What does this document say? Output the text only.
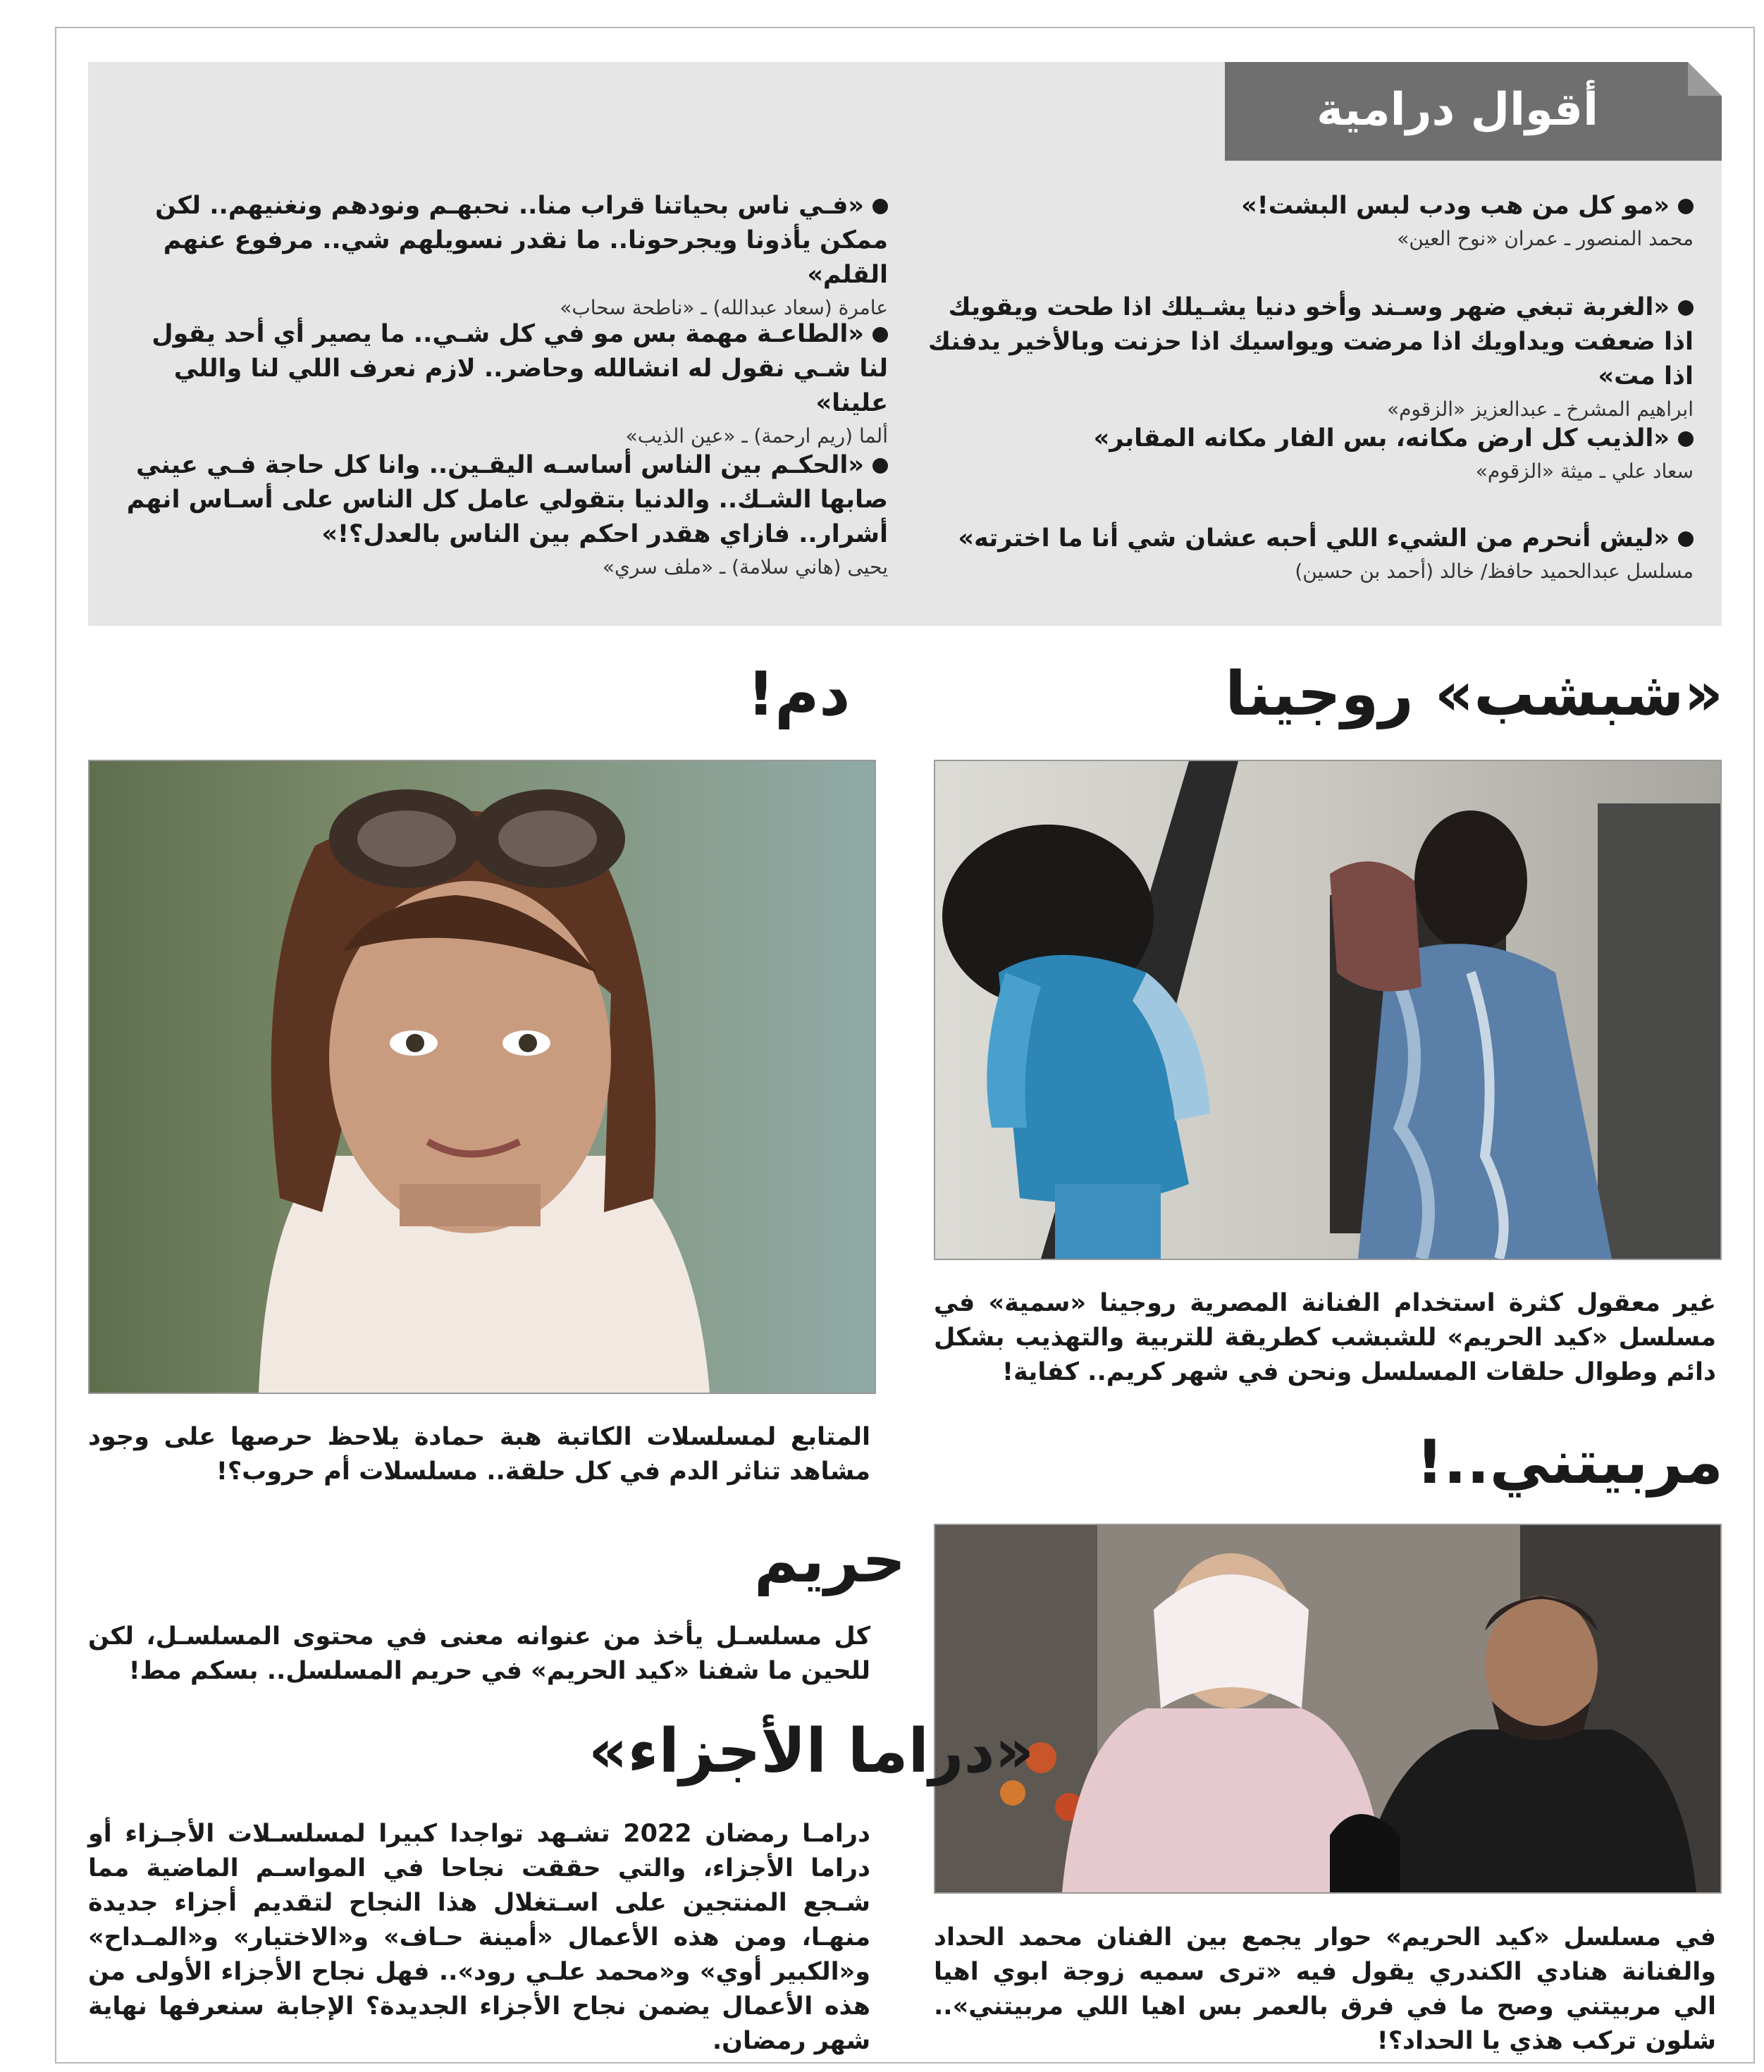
أقوال درامية
«مو كل من هب ودب لبس البشت!»
محمد المنصور ـ عمران «نوح العين»
«الغربة تبغي ضهر وسـند وأخو دنيا يشـيلك اذا طحت ويقويك اذا ضعفت ويداويك اذا مرضت ويواسيك اذا حزنت وبالأخير يدفنك اذا مت»
ابراهيم المشرخ ـ عبدالعزيز «الزقوم»
«الذيب كل ارض مكانه، بس الفار مكانه المقابر»
سعاد علي ـ ميثة «الزقوم»
«ليش أنحرم من الشيء اللي أحبه عشان شي أنا ما اخترته»
مسلسل عبدالحميد حافظ/ خالد (أحمد بن حسين)
«فـي ناس بحياتنا قراب منا.. نحبهـم ونودهم ونغنيهم.. لكن ممكن يأذونا ويجرحونا.. ما نقدر نسويلهم شي.. مرفوع عنهم القلم»
عامرة (سعاد عبدالله) ـ «ناطحة سحاب»
«الطاعـة مهمة بس مو في كل شـي.. ما يصير أي أحد يقول لنا شـي نقول له انشالله وحاضر.. لازم نعرف اللي لنا واللي علينا»
ألما (ريم ارحمة) ـ «عين الذيب»
«الحكـم بين الناس أساسـه اليقـين.. وانا كل حاجة فـي عيني صابها الشـك.. والدنيا بتقولي عامل كل الناس على أسـاس انهم أشرار.. فازاي هقدر احكم بين الناس بالعدل؟!»
يحيى (هاني سلامة) ـ «ملف سري»
«شبشب» روجينا
غير معقول كثرة استخدام الفنانة المصرية روجينا «سمية» في مسلسل «كيد الحريم» للشبشب كطريقة للتربية والتهذيب بشكل دائم وطوال حلقات المسلسل ونحن في شهر كريم.. كفاية!
دم!
المتابع لمسلسلات الكاتبة هبة حمادة يلاحظ حرصها على وجود مشاهد تناثر الدم في كل حلقة.. مسلسلات أم حروب؟!	مربيتني..!
في مسلسل «كيد الحريم» حوار يجمع بين الفنان محمد الحداد والفنانة هنادي الكندري يقول فيه «ترى سميه زوجة ابوي اهيا الي مربيتني وصح ما في فرق بالعمر بس اهيا اللي مربيتني».. شلون تركب هذي يا الحداد؟!
حريم
كل مسلسـل يأخذ من عنوانه معنى في محتوى المسلسـل، لكن للحين ما شفنا «كيد الحريم» في حريم المسلسل.. بسكم مط!
«دراما الأجزاء»
درامـا رمضان 2022 تشـهد تواجدا كبيرا لمسلسـلات الأجـزاء أو دراما الأجزاء، والتي حققت نجاحا في المواسـم الماضية مما شـجع المنتجين على اسـتغلال هذا النجاح لتقديم أجزاء جديدة منهـا، ومن هذه الأعمال «أمينة حـاف» و«الاختيار» و«المـداح» و«الكبير أوي» و«محمد علـي رود».. فهل نجاح الأجزاء الأولى من هذه الأعمال يضمن نجاح الأجزاء الجديدة؟ الإجابة سنعرفها نهاية شهر رمضان.
